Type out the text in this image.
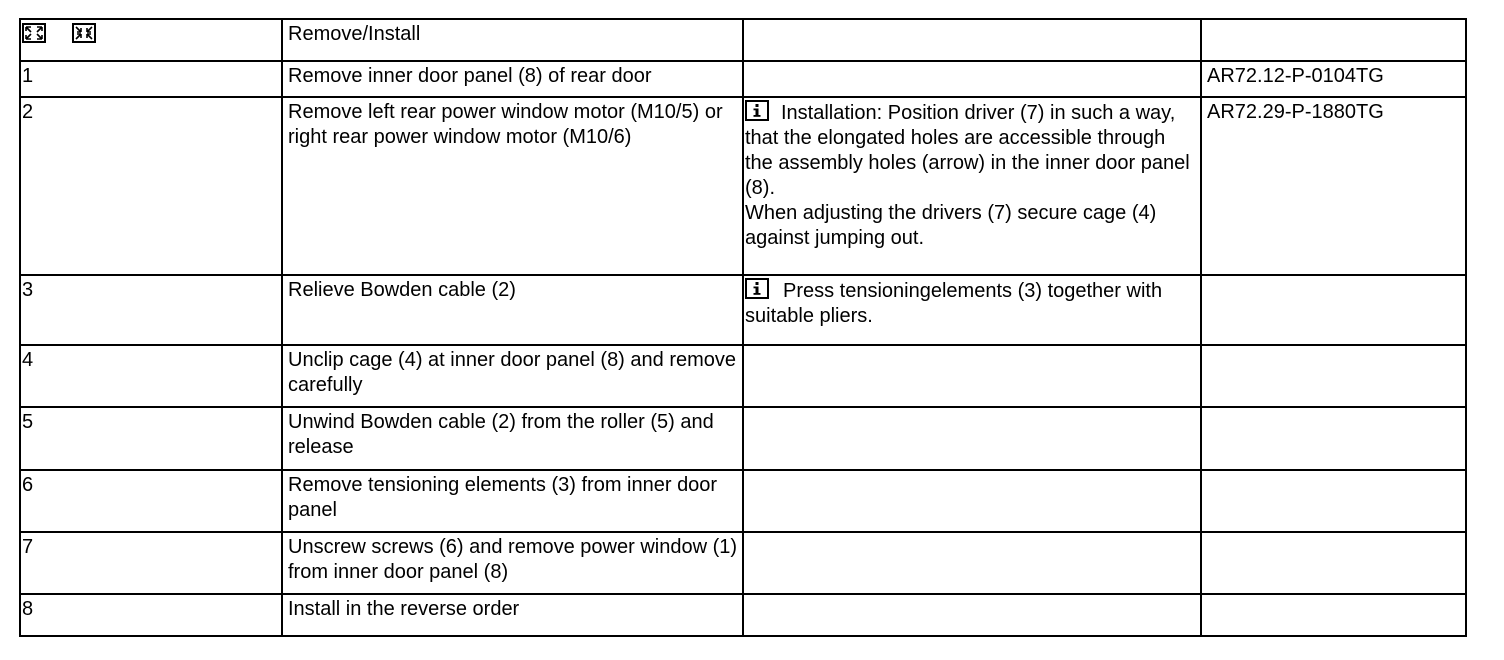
	Remove/Install		
1	Remove inner door panel (8) of rear door		AR72.12-P-0104TG
2	Remove left rear power window motor (M10/5) or right rear power window motor (M10/6)	Installation: Position driver (7) in such a way, that the elongated holes are accessible through the assembly holes (arrow) in the inner door panel (8).
When adjusting the drivers (7) secure cage (4) against jumping out.	AR72.29-P-1880TG
3	Relieve Bowden cable (2)	Press tensioningelements (3) together with suitable pliers.	
4	Unclip cage (4) at inner door panel (8) and remove carefully		
5	Unwind Bowden cable (2) from the roller (5) and release		
6	Remove tensioning elements (3) from inner door panel		
7	Unscrew screws (6) and remove power window (1) from inner door panel (8)		
8	Install in the reverse order		
